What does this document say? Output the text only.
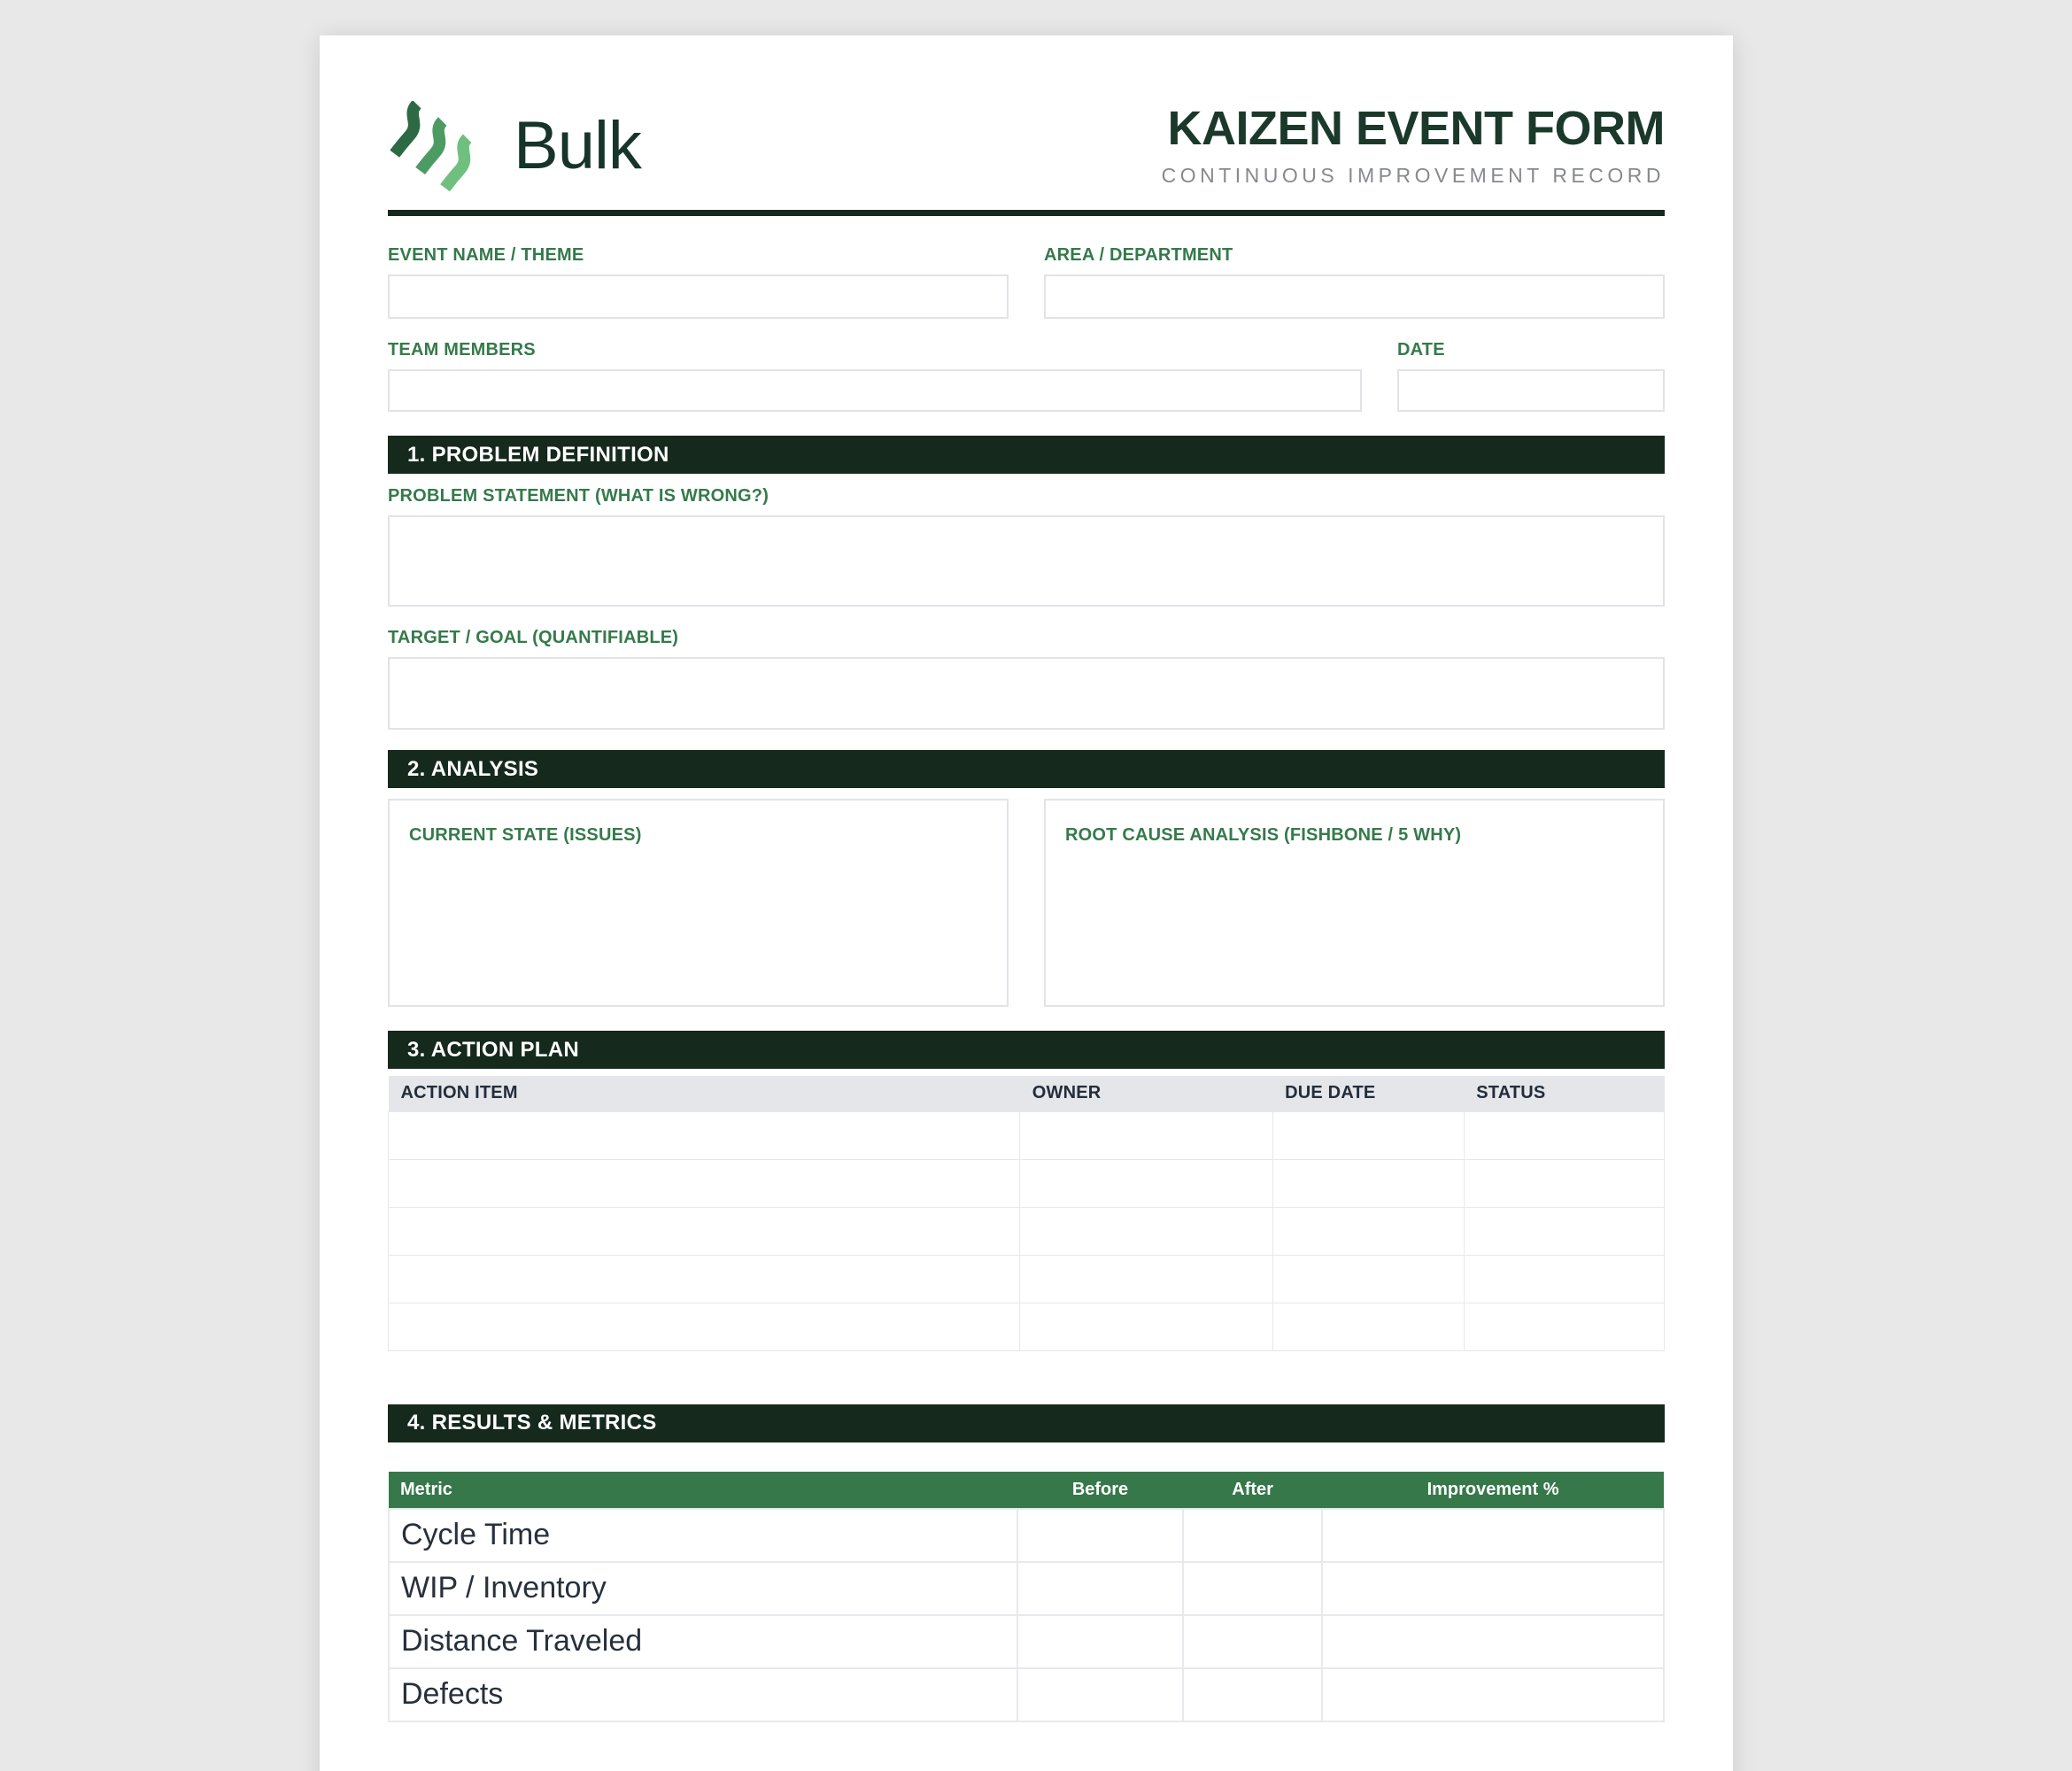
Bulk	KAIZEN EVENT FORM
CONTINUOUS IMPROVEMENT RECORD
EVENT NAME / THEME	AREA / DEPARTMENT
TEAM MEMBERS	DATE
1. PROBLEM DEFINITION
PROBLEM STATEMENT (WHAT IS WRONG?)
TARGET / GOAL (QUANTIFIABLE)
2. ANALYSIS
CURRENT STATE (ISSUES)	ROOT CAUSE ANALYSIS (FISHBONE / 5 WHY)
3. ACTION PLAN
ACTION ITEM	OWNER	DUE DATE	STATUS

4. RESULTS & METRICS
Metric	Before	After	Improvement %
Cycle Time			
WIP / Inventory			
Distance Traveled			
Defects			
